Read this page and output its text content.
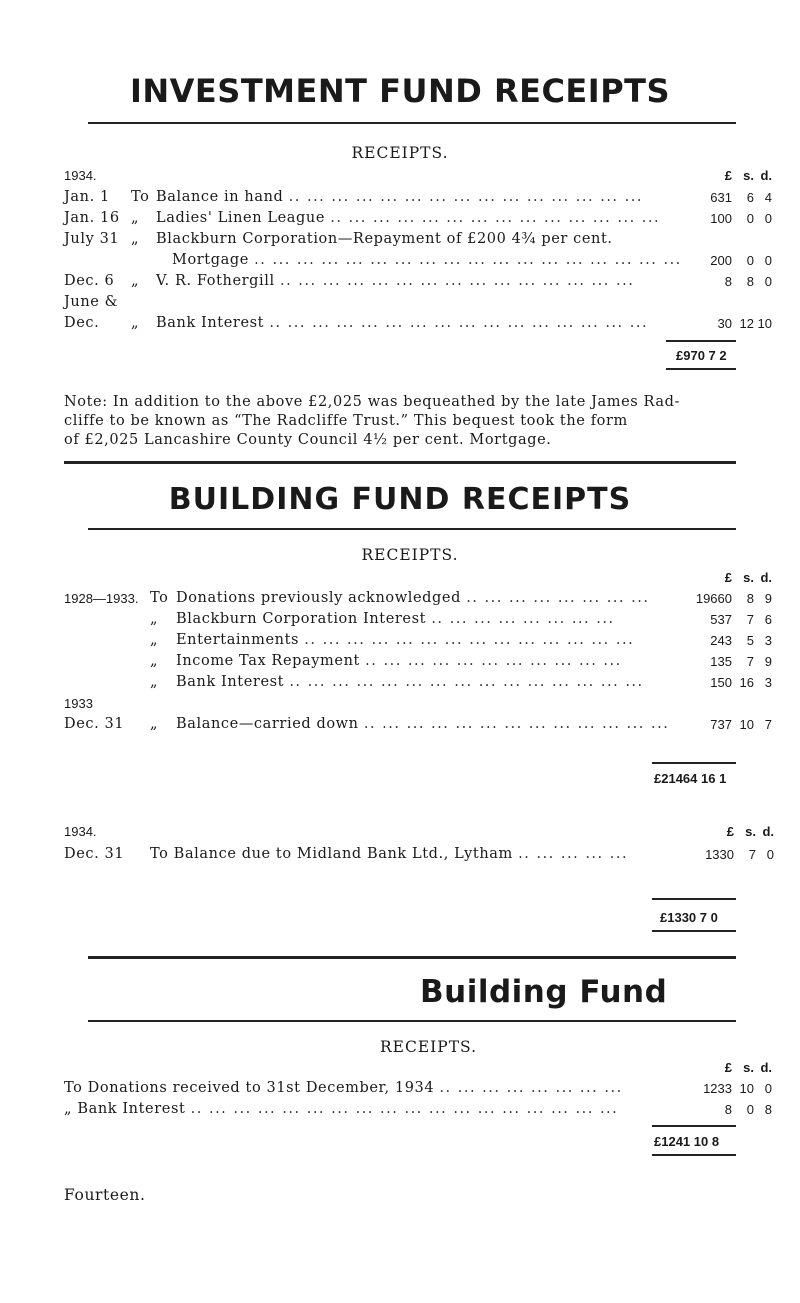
INVESTMENT FUND RECEIPTS
RECEIPTS.
1934.	£ s. d.
Jan. 1 To Balance in hand .. ... ... ... ... ... ... ... ... ... ... ... ... ... ...	631 6 4
Jan. 16 „ Ladies' Linen League .. ... ... ... ... ... ... ... ... ... ... ... ... ...	100 0 0
July 31 „ Blackburn Corporation—Repayment of £200 4¾ per cent.
Mortgage .. ... ... ... ... ... ... ... ... ... ... ... ... ... ... ... ... ...	200 0 0
Dec. 6 „ V. R. Fothergill .. ... ... ... ... ... ... ... ... ... ... ... ... ... ...	8 8 0
June &
Dec. „ Bank Interest .. ... ... ... ... ... ... ... ... ... ... ... ... ... ... ...	30 12 10
£970 7 2
Note: In addition to the above £2,025 was bequeathed by the late James Rad-
cliffe to be known as “The Radcliffe Trust.” This bequest took the form
of £2,025 Lancashire County Council 4½ per cent. Mortgage.
BUILDING FUND RECEIPTS
RECEIPTS.
£ s. d.
1928—1933. To Donations previously acknowledged .. ... ... ... ... ... ... ...	19660 8 9
„ Blackburn Corporation Interest .. ... ... ... ... ... ... ...	537 7 6
„ Entertainments .. ... ... ... ... ... ... ... ... ... ... ... ... ...	243 5 3
„ Income Tax Repayment .. ... ... ... ... ... ... ... ... ... ...	135 7 9
„ Bank Interest .. ... ... ... ... ... ... ... ... ... ... ... ... ... ...	150 16 3
1933
Dec. 31 „ Balance—carried down .. ... ... ... ... ... ... ... ... ... ... ... ...	737 10 7
£21464 16 1
1934.	£ s. d.
Dec. 31 To Balance due to Midland Bank Ltd., Lytham .. ... ... ... ...	1330 7 0
£1330 7 0
Building Fund
RECEIPTS.
£ s. d.
To Donations received to 31st December, 1934 .. ... ... ... ... ... ... ...	1233 10 0
„ Bank Interest .. ... ... ... ... ... ... ... ... ... ... ... ... ... ... ... ... ...	8 0 8
£1241 10 8
Fourteen.
